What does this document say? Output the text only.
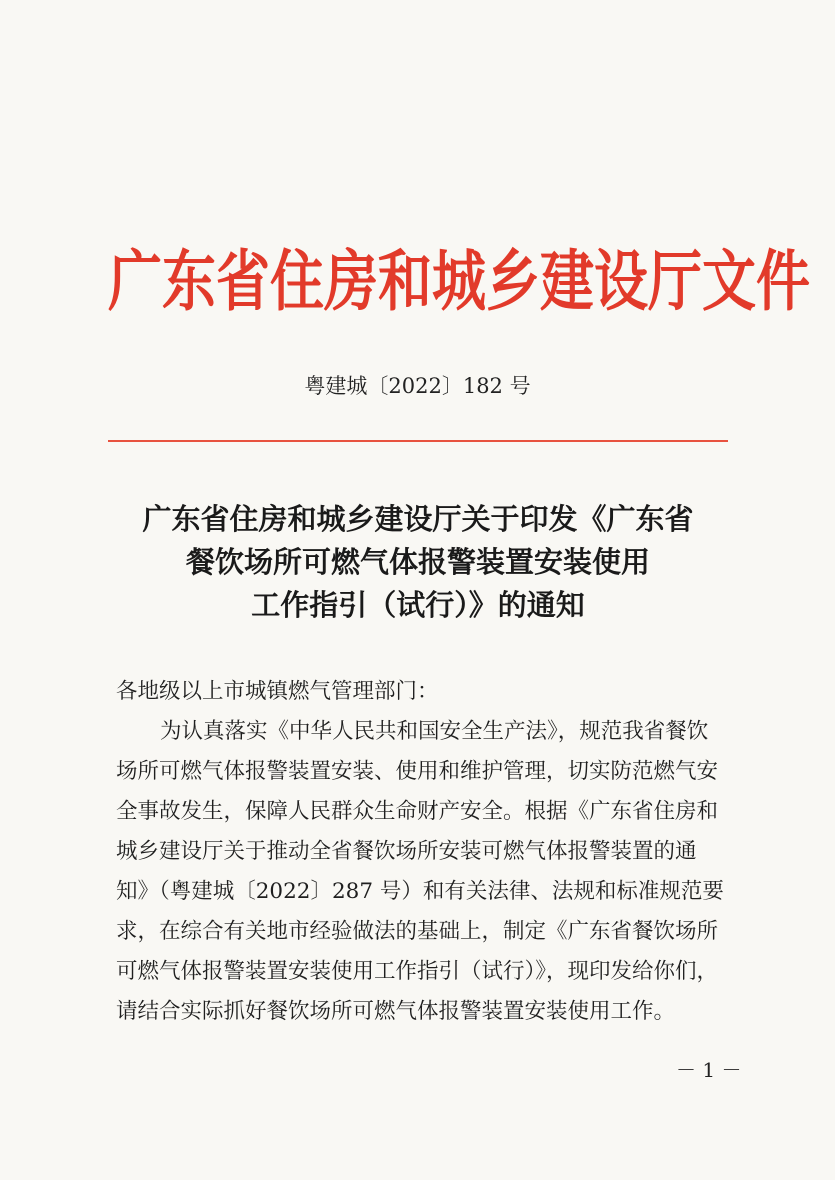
广东省住房和城乡建设厅文件
粤建城〔2022〕182 号
广东省住房和城乡建设厅关于印发《广东省
餐饮场所可燃气体报警装置安装使用
工作指引（试行）》的通知
各地级以上市城镇燃气管理部门：
为认真落实《中华人民共和国安全生产法》，规范我省餐饮
场所可燃气体报警装置安装、使用和维护管理，切实防范燃气安
全事故发生，保障人民群众生命财产安全。根据《广东省住房和
城乡建设厅关于推动全省餐饮场所安装可燃气体报警装置的通
知》（粤建城〔2022〕287 号）和有关法律、法规和标准规范要
求，在综合有关地市经验做法的基础上，制定《广东省餐饮场所
可燃气体报警装置安装使用工作指引（试行）》，现印发给你们，
请结合实际抓好餐饮场所可燃气体报警装置安装使用工作。
－ 1 －
